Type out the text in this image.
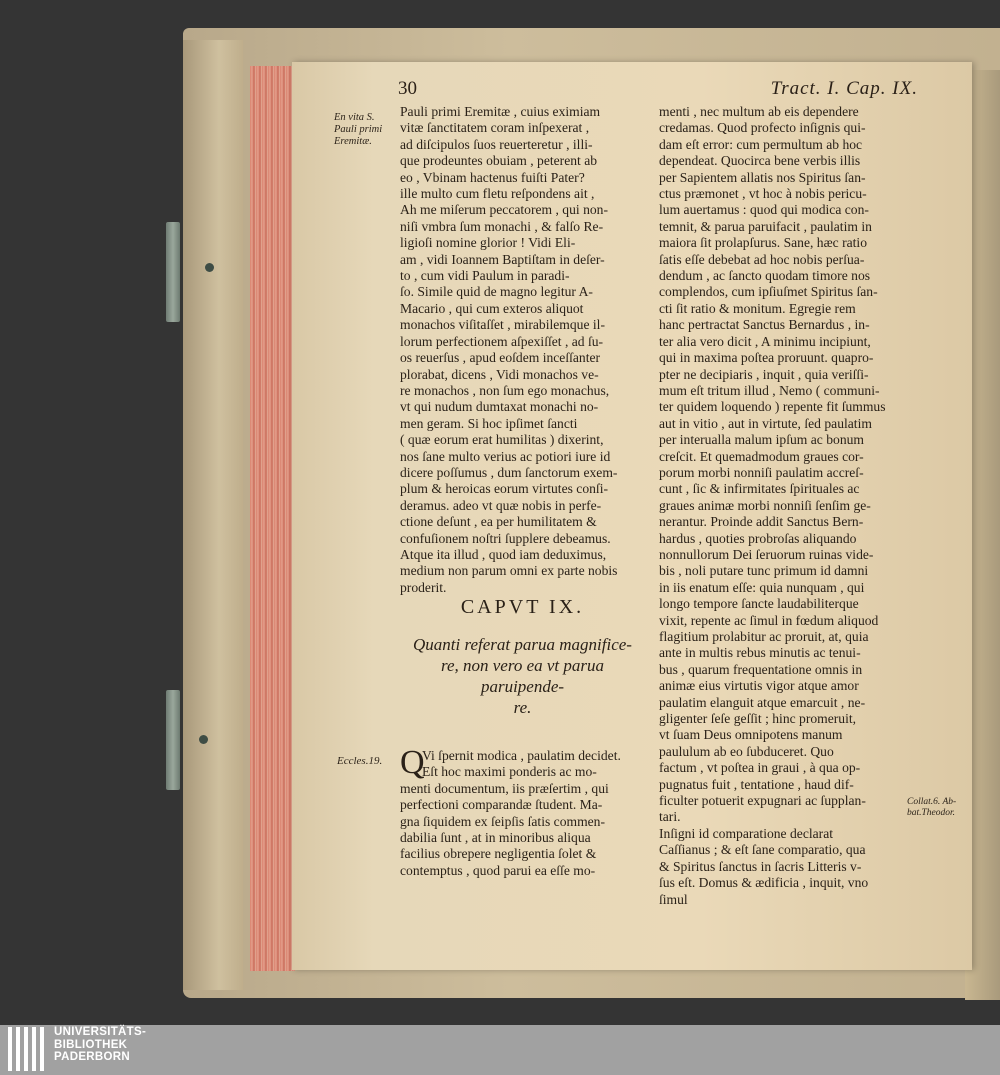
30	Tract. I. Cap. IX.
En vita S.
Pauli primi
Eremitæ.
Eccles.19.
Collat.6. Ab-
bat.Theodor.
Pauli primi Eremitæ , cuius eximiam
vitæ ſanctitatem coram inſpexerat ,
ad diſcipulos ſuos reuerteretur , illi-
que prodeuntes obuiam , peterent ab
eo , Vbinam hactenus fuiſti Pater?
ille multo cum fletu reſpondens ait ,
Ah me miſerum peccatorem , qui non-
niſi vmbra ſum monachi , & falſo Re-
ligioſi nomine glorior ! Vidi Eli-
am , vidi Ioannem Baptiſtam in deſer-
to , cum vidi Paulum in paradi-
ſo. Simile quid de magno legitur A-
Macario , qui cum exteros aliquot
monachos viſitaſſet , mirabilemque il-
lorum perfectionem aſpexiſſet , ad ſu-
os reuerſus , apud eoſdem inceſſanter
plorabat, dicens , Vidi monachos ve-
re monachos , non ſum ego monachus,
vt qui nudum dumtaxat monachi no-
men geram. Si hoc ipſimet ſancti
( quæ eorum erat humilitas ) dixerint,
nos ſane multo verius ac potiori iure id
dicere poſſumus , dum ſanctorum exem-
plum & heroicas eorum virtutes conſi-
deramus. adeo vt quæ nobis in perfe-
ctione deſunt , ea per humilitatem &
confuſionem noſtri ſupplere debeamus.
Atque ita illud , quod iam deduximus,
medium non parum omni ex parte nobis
proderit.
CAPVT IX.
Quanti referat parua magnifice-
re, non vero ea vt parua
paruipende-
re.
Q
Vi ſpernit modica , paulatim decidet.
Eſt hoc maximi ponderis ac mo-
menti documentum, iis præſertim , qui
perfectioni comparandæ ſtudent. Ma-
gna ſiquidem ex ſeipſis ſatis commen-
dabilia ſunt , at in minoribus aliqua
facilius obrepere negligentia ſolet &
contemptus , quod parui ea eſſe mo-
menti , nec multum ab eis dependere
credamas. Quod profecto inſignis qui-
dam eſt error: cum permultum ab hoc
dependeat. Quocirca bene verbis illis
per Sapientem allatis nos Spiritus ſan-
ctus præmonet , vt hoc à nobis pericu-
lum auertamus : quod qui modica con-
temnit, & parua paruifacit , paulatim in
maiora ſit prolapſurus. Sane, hæc ratio
ſatis eſſe debebat ad hoc nobis perſua-
dendum , ac ſancto quodam timore nos
complendos, cum ipſiuſmet Spiritus ſan-
cti ſit ratio & monitum. Egregie rem
hanc pertractat Sanctus Bernardus , in-
ter alia vero dicit , A minimu incipiunt,
qui in maxima poſtea proruunt. quapro-
pter ne decipiaris , inquit , quia veriſſi-
mum eſt tritum illud , Nemo ( communi-
ter quidem loquendo ) repente fit ſummus
aut in vitio , aut in virtute, ſed paulatim
per interualla malum ipſum ac bonum
creſcit. Et quemadmodum graues cor-
porum morbi nonniſi paulatim accreſ-
cunt , ſic & infirmitates ſpirituales ac
graues animæ morbi nonniſi ſenſim ge-
nerantur. Proinde addit Sanctus Bern-
hardus , quoties probroſas aliquando
nonnullorum Dei ſeruorum ruinas vide-
bis , noli putare tunc primum id damni
in iis enatum eſſe: quia nunquam , qui
longo tempore ſancte laudabiliterque
vixit, repente ac ſimul in fœdum aliquod
flagitium prolabitur ac proruit, at, quia
ante in multis rebus minutis ac tenui-
bus , quarum frequentatione omnis in
animæ eius virtutis vigor atque amor
paulatim elanguit atque emarcuit , ne-
gligenter ſeſe geſſit ; hinc promeruit,
vt ſuam Deus omnipotens manum
paululum ab eo ſubduceret. Quo
factum , vt poſtea in graui , à qua op-
pugnatus fuit , tentatione , haud dif-
ficulter potuerit expugnari ac ſupplan-
tari.
Inſigni id comparatione declarat
Caſſianus ; & eſt ſane comparatio, qua
& Spiritus ſanctus in ſacris Litteris v-
ſus eſt. Domus & ædificia , inquit, vno
ſimul
UNIVERSITÄTS-
BIBLIOTHEK
PADERBORN
